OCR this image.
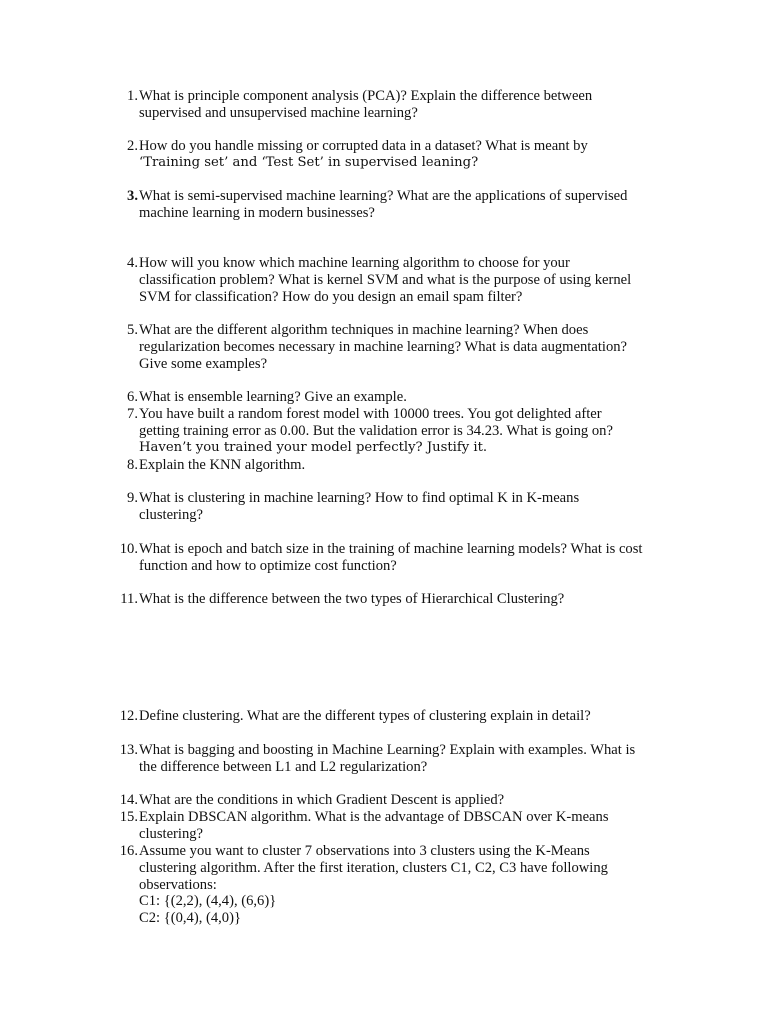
1. What is principle component analysis (PCA)? Explain the difference between
supervised and unsupervised machine learning?
2. How do you handle missing or corrupted data in a dataset? What is meant by
‘Training set’ and ‘Test Set’ in supervised leaning?
3. What is semi-supervised machine learning? What are the applications of supervised
machine learning in modern businesses?
4. How will you know which machine learning algorithm to choose for your
classification problem? What is kernel SVM and what is the purpose of using kernel
SVM for classification? How do you design an email spam filter?
5. What are the different algorithm techniques in machine learning? When does
regularization becomes necessary in machine learning? What is data augmentation?
Give some examples?
6. What is ensemble learning? Give an example.
7. You have built a random forest model with 10000 trees. You got delighted after
getting training error as 0.00. But the validation error is 34.23. What is going on?
Haven’t you trained your model perfectly? Justify it.
8. Explain the KNN algorithm.
9. What is clustering in machine learning? How to find optimal K in K-means
clustering?
10. What is epoch and batch size in the training of machine learning models? What is cost
function and how to optimize cost function?
11. What is the difference between the two types of Hierarchical Clustering?
12. Define clustering. What are the different types of clustering explain in detail?
13. What is bagging and boosting in Machine Learning? Explain with examples. What is
the difference between L1 and L2 regularization?
14. What are the conditions in which Gradient Descent is applied?
15. Explain DBSCAN algorithm. What is the advantage of DBSCAN over K-means
clustering?
16. Assume you want to cluster 7 observations into 3 clusters using the K-Means
clustering algorithm. After the first iteration, clusters C1, C2, C3 have following
observations:
C1: {(2,2), (4,4), (6,6)}
C2: {(0,4), (4,0)}
